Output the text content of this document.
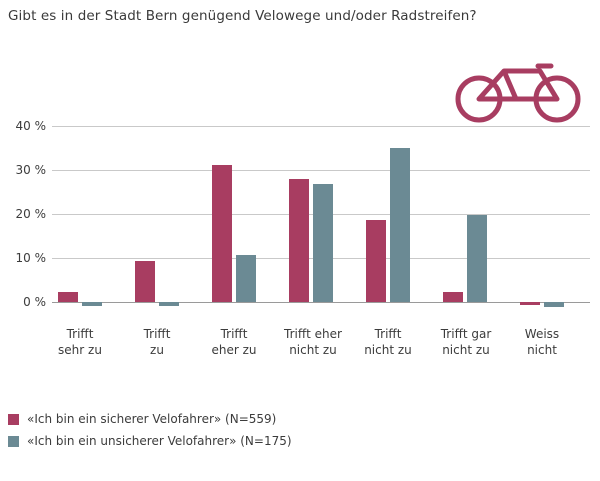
Gibt es in der Stadt Bern genügend Velowege und/oder Radstreifen?
40 %
30 %
20 %
10 %
0 %
Trifft
sehr zu
Trifft
zu
Trifft
eher zu
Trifft eher
nicht zu
Trifft
nicht zu
Trifft gar
nicht zu
Weiss
nicht
«Ich bin ein sicherer Velofahrer» (N=559)
«Ich bin ein unsicherer Velofahrer» (N=175)
